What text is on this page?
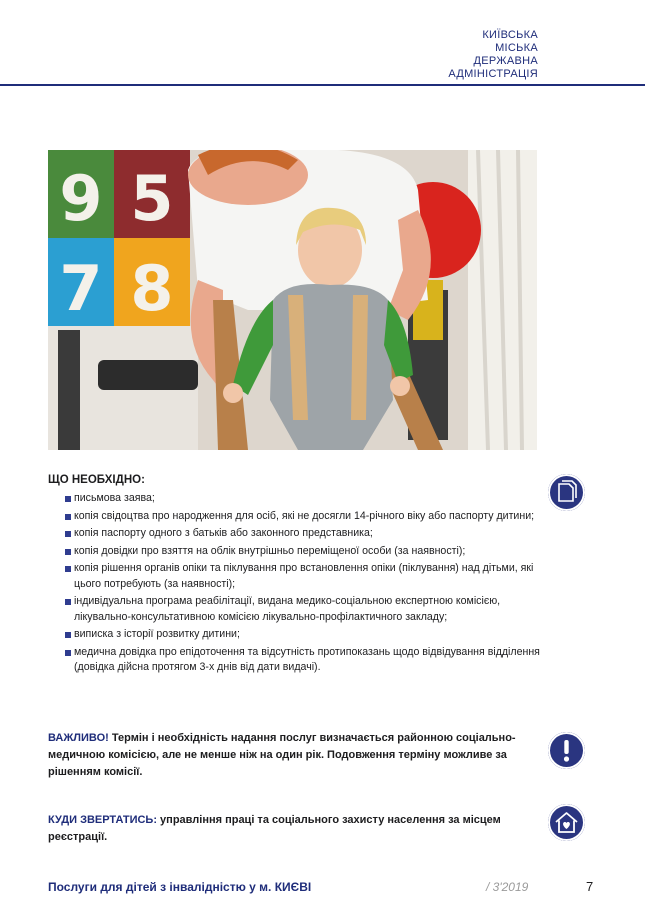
КИЇВСЬКА
МІСЬКА
ДЕРЖАВНА
АДМІНІСТРАЦІЯ
9 5
7 8
ЩО НЕОБХІДНО:
письмова заява;
копія свідоцтва про народження для осіб, які не досягли 14-річного віку або паспорту дитини;
копія паспорту одного з батьків або законного представника;
копія довідки про взяття на облік внутрішньо переміщеної особи (за наявності);
копія рішення органів опіки та піклування про встановлення опіки (піклування) над дітьми, які цього потребують (за наявності);
індивідуальна програма реабілітації, видана медико-соціальною експертною комісією, лікувально-консультативною комісією лікувально-профілактичного закладу;
виписка з історії розвитку дитини;
медична довідка про епідоточення та відсутність протипоказань щодо відвідування відділення (довідка дійсна протягом 3-х днів від дати видачі).
ВАЖЛИВО! Термін і необхідність надання послуг визначається районною соціально-медичною комісією, але не менше ніж на один рік. Подовження терміну можливе за рішенням комісії.
КУДИ ЗВЕРТАТИСЬ: управління праці та соціального захисту населення за місцем реєстрації.
Послуги для дітей з інвалідністю у м. КИЄВІ	/ 3'2019	7
